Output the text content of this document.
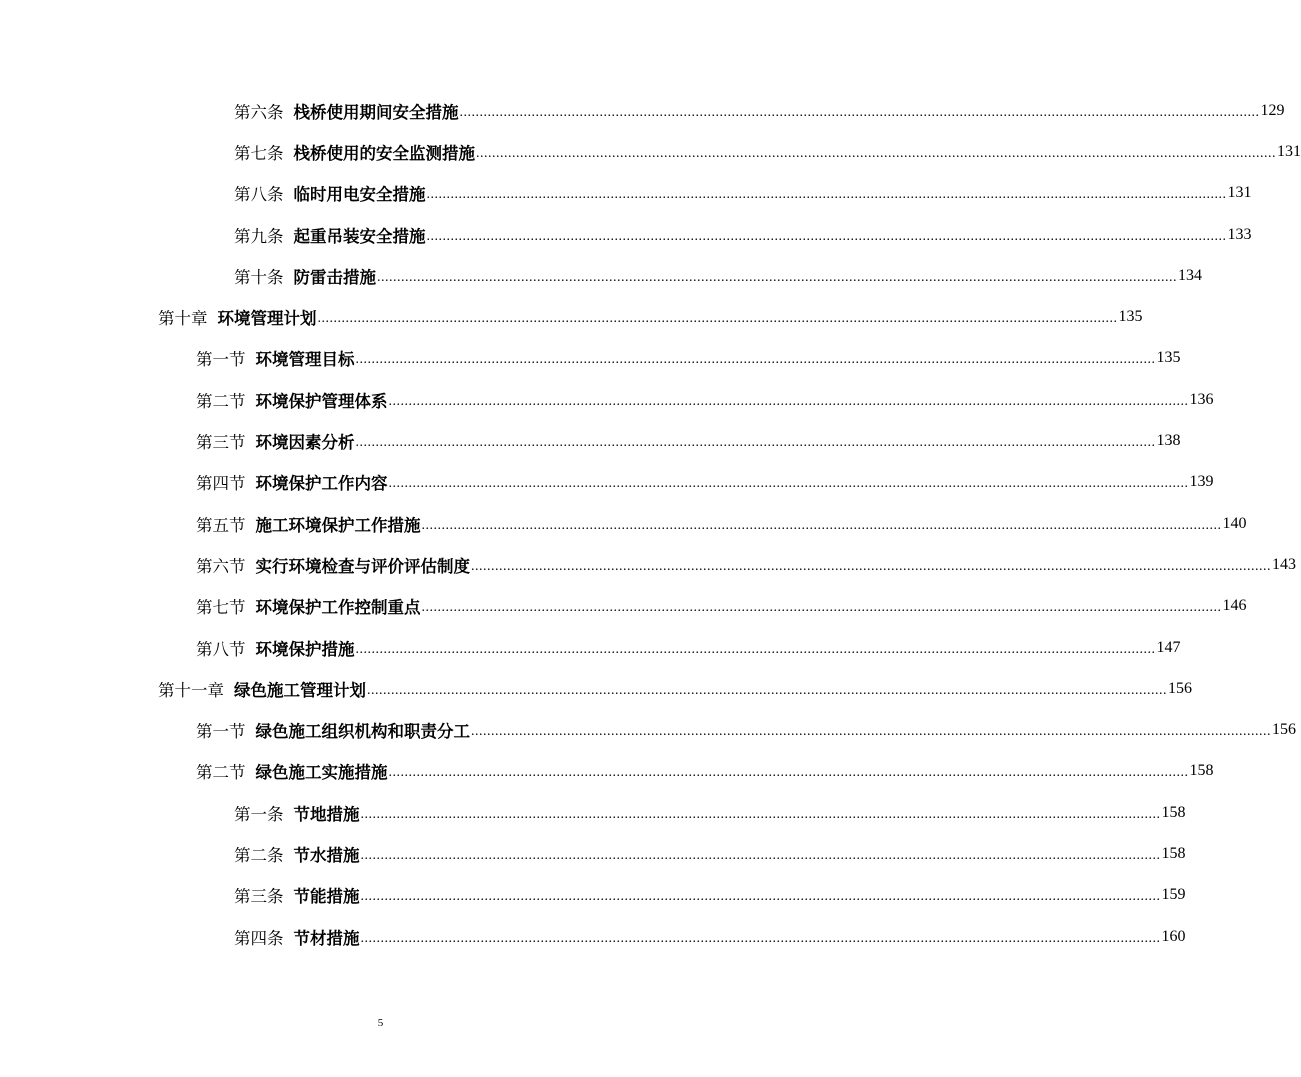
第六条 栈桥使用期间安全措施 ........................................................................................................................................................................................................ 129
第七条 栈桥使用的安全监测措施 ........................................................................................................................................................................................................ 131
第八条 临时用电安全措施 ........................................................................................................................................................................................................ 131
第九条 起重吊装安全措施 ........................................................................................................................................................................................................ 133
第十条 防雷击措施 ........................................................................................................................................................................................................ 134
第十章 环境管理计划 ........................................................................................................................................................................................................ 135
第一节 环境管理目标 ........................................................................................................................................................................................................ 135
第二节 环境保护管理体系 ........................................................................................................................................................................................................ 136
第三节 环境因素分析 ........................................................................................................................................................................................................ 138
第四节 环境保护工作内容 ........................................................................................................................................................................................................ 139
第五节 施工环境保护工作措施 ........................................................................................................................................................................................................ 140
第六节 实行环境检查与评价评估制度 ........................................................................................................................................................................................................ 143
第七节 环境保护工作控制重点 ........................................................................................................................................................................................................ 146
第八节 环境保护措施 ........................................................................................................................................................................................................ 147
第十一章 绿色施工管理计划 ........................................................................................................................................................................................................ 156
第一节 绿色施工组织机构和职责分工 ........................................................................................................................................................................................................ 156
第二节 绿色施工实施措施 ........................................................................................................................................................................................................ 158
第一条 节地措施 ........................................................................................................................................................................................................ 158
第二条 节水措施 ........................................................................................................................................................................................................ 158
第三条 节能措施 ........................................................................................................................................................................................................ 159
第四条 节材措施 ........................................................................................................................................................................................................ 160
5
